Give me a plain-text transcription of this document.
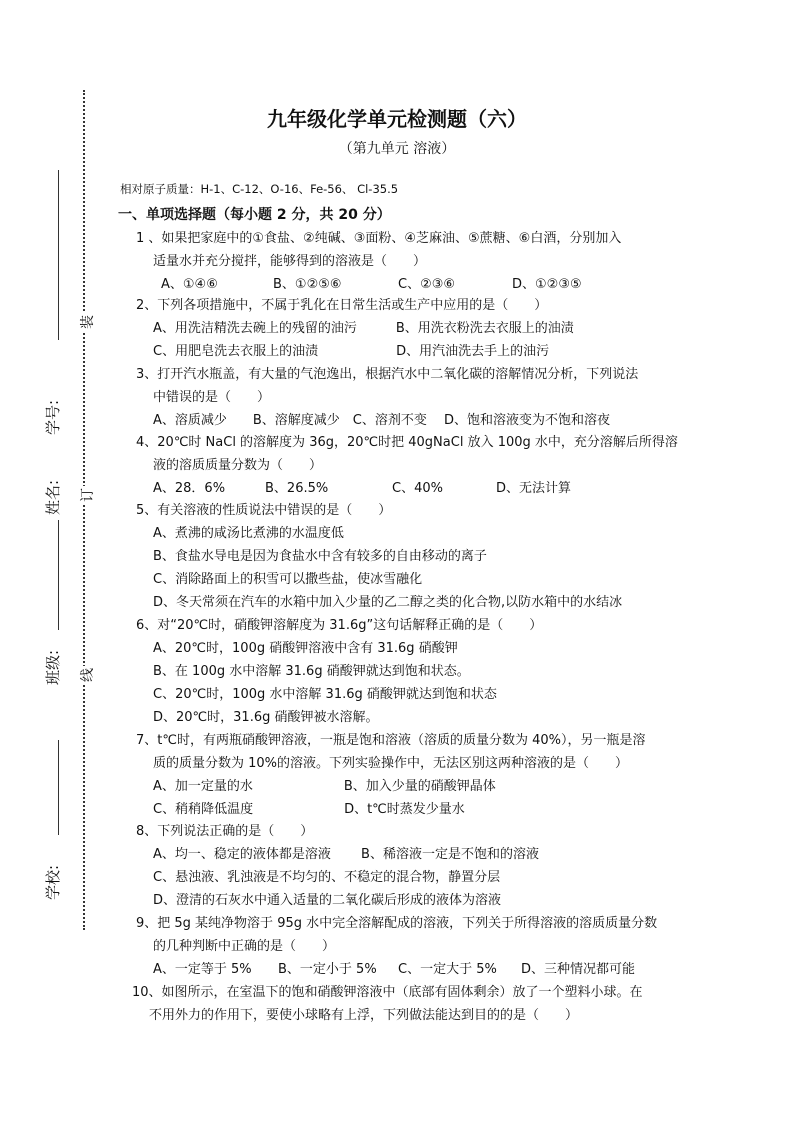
学号:
姓名:
班级:
学校:
装
订
线
九年级化学单元检测题（六）
（第九单元 溶液）
相对原子质量：H-1、C-12、O-16、Fe-56、 Cl-35.5
一、单项选择题（每小题 2 分，共 20 分）
1 、如果把家庭中的①食盐、②纯碱、③面粉、④芝麻油、⑤蔗糖、⑥白酒，分别加入
适量水并充分搅拌，能够得到的溶液是（　　）
A、①④⑥	B、①②⑤⑥	C、②③⑥	D、①②③⑤
2、下列各项措施中，不属于乳化在日常生活或生产中应用的是（　　）
A、用洗洁精洗去碗上的残留的油污　　　B、用洗衣粉洗去衣服上的油渍
C、用肥皂洗去衣服上的油渍　　　　　　D、用汽油洗去手上的油污
3、打开汽水瓶盖，有大量的气泡逸出，根据汽水中二氧化碳的溶解情况分析，下列说法
中错误的是（　　）
A、溶质减少　　B、溶解度减少　C、溶剂不变　 D、饱和溶液变为不饱和溶夜
4、20℃时 NaCl 的溶解度为 36g，20℃时把 40gNaCl 放入 100g 水中，充分溶解后所得溶
液的溶质质量分数为（　　）
A、28．6%	B、26.5%	C、40%	D、无法计算
5、有关溶液的性质说法中错误的是（　　）
A、煮沸的咸汤比煮沸的水温度低
B、食盐水导电是因为食盐水中含有较多的自由移动的离子
C、消除路面上的积雪可以撒些盐，使冰雪融化
D、冬天常须在汽车的水箱中加入少量的乙二醇之类的化合物,以防水箱中的水结冰
6、对“20℃时，硝酸钾溶解度为 31.6g”这句话解释正确的是（　　）
A、20℃时，100g 硝酸钾溶液中含有 31.6g 硝酸钾
B、在 100g 水中溶解 31.6g 硝酸钾就达到饱和状态。
C、20℃时，100g 水中溶解 31.6g 硝酸钾就达到饱和状态
D、20℃时，31.6g 硝酸钾被水溶解。
7、t℃时，有两瓶硝酸钾溶液，一瓶是饱和溶液（溶质的质量分数为 40%），另一瓶是溶
质的质量分数为 10%的溶液。下列实验操作中，无法区别这两种溶液的是（　　）
A、加一定量的水　　　　　　　B、加入少量的硝酸钾晶体
C、稍稍降低温度　　　　　　　D、t℃时蒸发少量水
8、下列说法正确的是（　　）
A、均一、稳定的液体都是溶液　　 B、稀溶液一定是不饱和的溶液
C、悬浊液、乳浊液是不均匀的、不稳定的混合物，静置分层
D、澄清的石灰水中通入适量的二氧化碳后形成的液体为溶液
9、把 5g 某纯净物溶于 95g 水中完全溶解配成的溶液，下列关于所得溶液的溶质质量分数
的几种判断中正确的是（　　）
A、一定等于 5% B、一定小于 5% C、一定大于 5% D、三种情况都可能
10、如图所示，在室温下的饱和硝酸钾溶液中（底部有固体剩余）放了一个塑料小球。在
不用外力的作用下，要使小球略有上浮，下列做法能达到目的的是（　　）
